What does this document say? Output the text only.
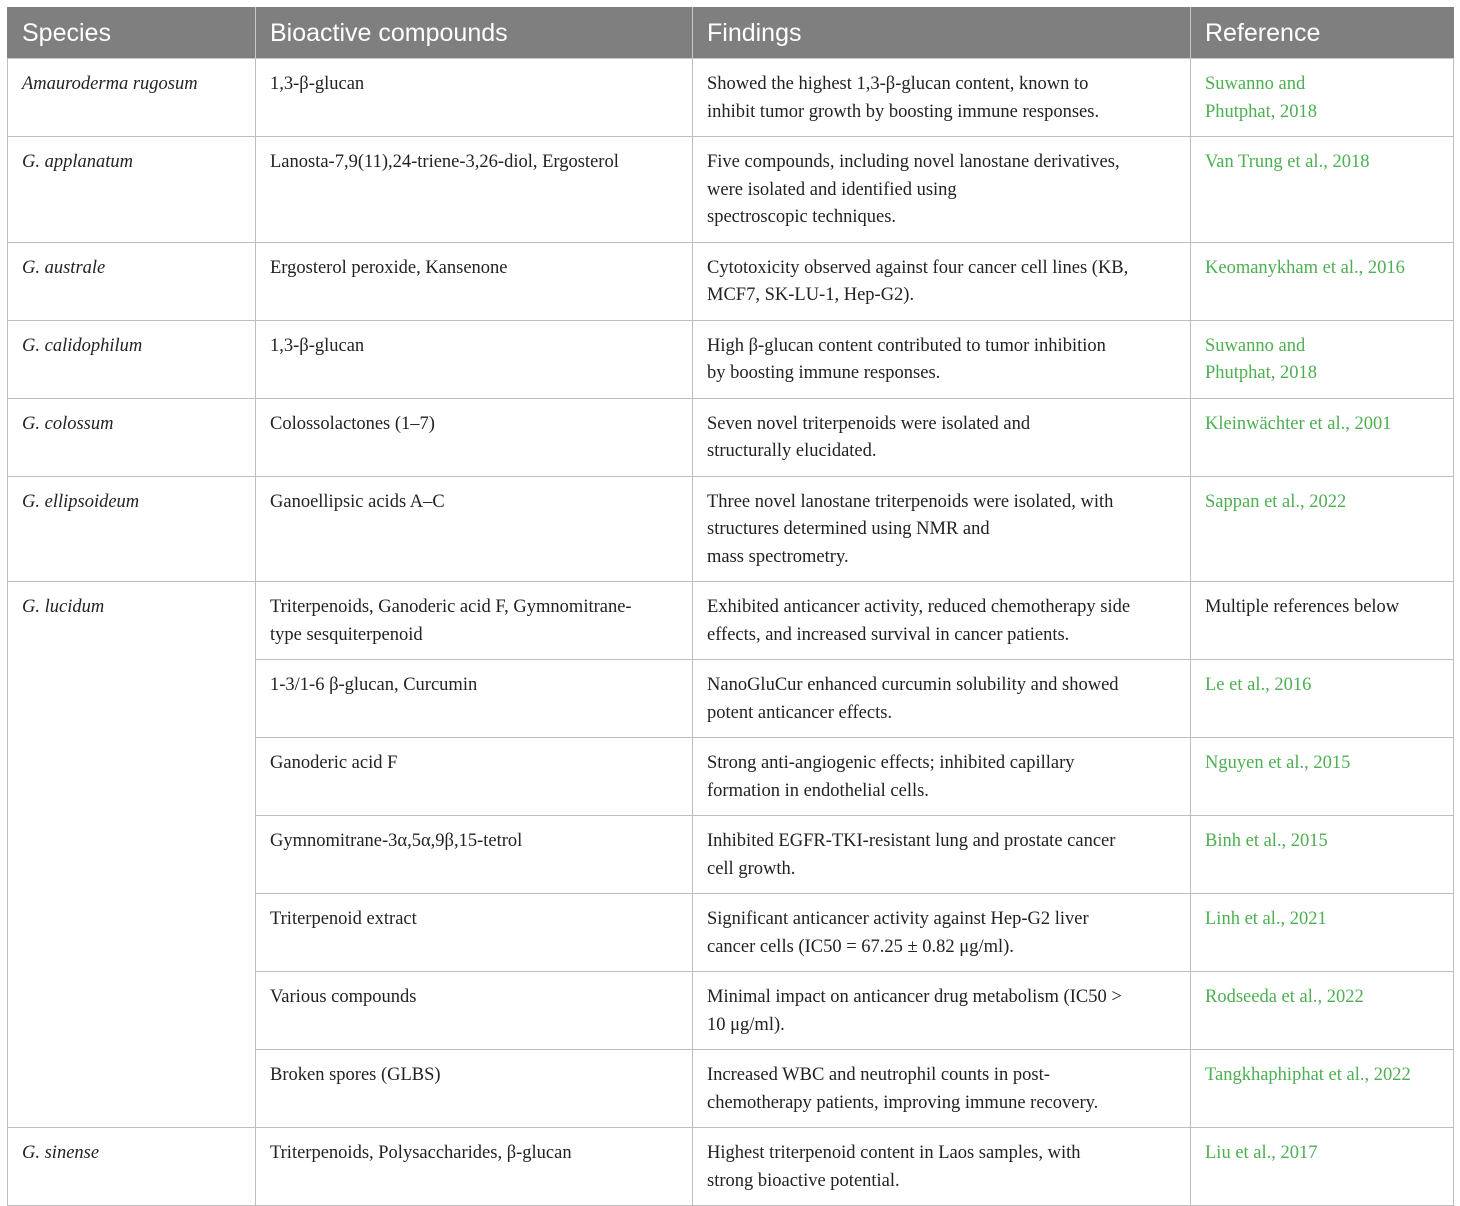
Species	Bioactive compounds	Findings	Reference
Amauroderma rugosum	1,3-β-glucan	Showed the highest 1,3-β-glucan content, known to
inhibit tumor growth by boosting immune responses.	Suwanno and
Phutphat, 2018
G. applanatum	Lanosta-7,9(11),24-triene-3,26-diol, Ergosterol	Five compounds, including novel lanostane derivatives,
were isolated and identified using
spectroscopic techniques.	Van Trung et al., 2018
G. australe	Ergosterol peroxide, Kansenone	Cytotoxicity observed against four cancer cell lines (KB,
MCF7, SK-LU-1, Hep-G2).	Keomanykham et al., 2016
G. calidophilum	1,3-β-glucan	High β-glucan content contributed to tumor inhibition
by boosting immune responses.	Suwanno and
Phutphat, 2018
G. colossum	Colossolactones (1–7)	Seven novel triterpenoids were isolated and
structurally elucidated.	Kleinwächter et al., 2001
G. ellipsoideum	Ganoellipsic acids A–C	Three novel lanostane triterpenoids were isolated, with
structures determined using NMR and
mass spectrometry.	Sappan et al., 2022
G. lucidum	Triterpenoids, Ganoderic acid F, Gymnomitrane-
type sesquiterpenoid	Exhibited anticancer activity, reduced chemotherapy side
effects, and increased survival in cancer patients.	Multiple references below
	1-3/1-6 β-glucan, Curcumin	NanoGluCur enhanced curcumin solubility and showed
potent anticancer effects.	Le et al., 2016
	Ganoderic acid F	Strong anti-angiogenic effects; inhibited capillary
formation in endothelial cells.	Nguyen et al., 2015
	Gymnomitrane-3α,5α,9β,15-tetrol	Inhibited EGFR-TKI-resistant lung and prostate cancer
cell growth.	Binh et al., 2015
	Triterpenoid extract	Significant anticancer activity against Hep-G2 liver
cancer cells (IC50 = 67.25 ± 0.82 μg/ml).	Linh et al., 2021
	Various compounds	Minimal impact on anticancer drug metabolism (IC50 >
10 μg/ml).	Rodseeda et al., 2022
	Broken spores (GLBS)	Increased WBC and neutrophil counts in post-
chemotherapy patients, improving immune recovery.	Tangkhaphiphat et al., 2022
G. sinense	Triterpenoids, Polysaccharides, β-glucan	Highest triterpenoid content in Laos samples, with
strong bioactive potential.	Liu et al., 2017
